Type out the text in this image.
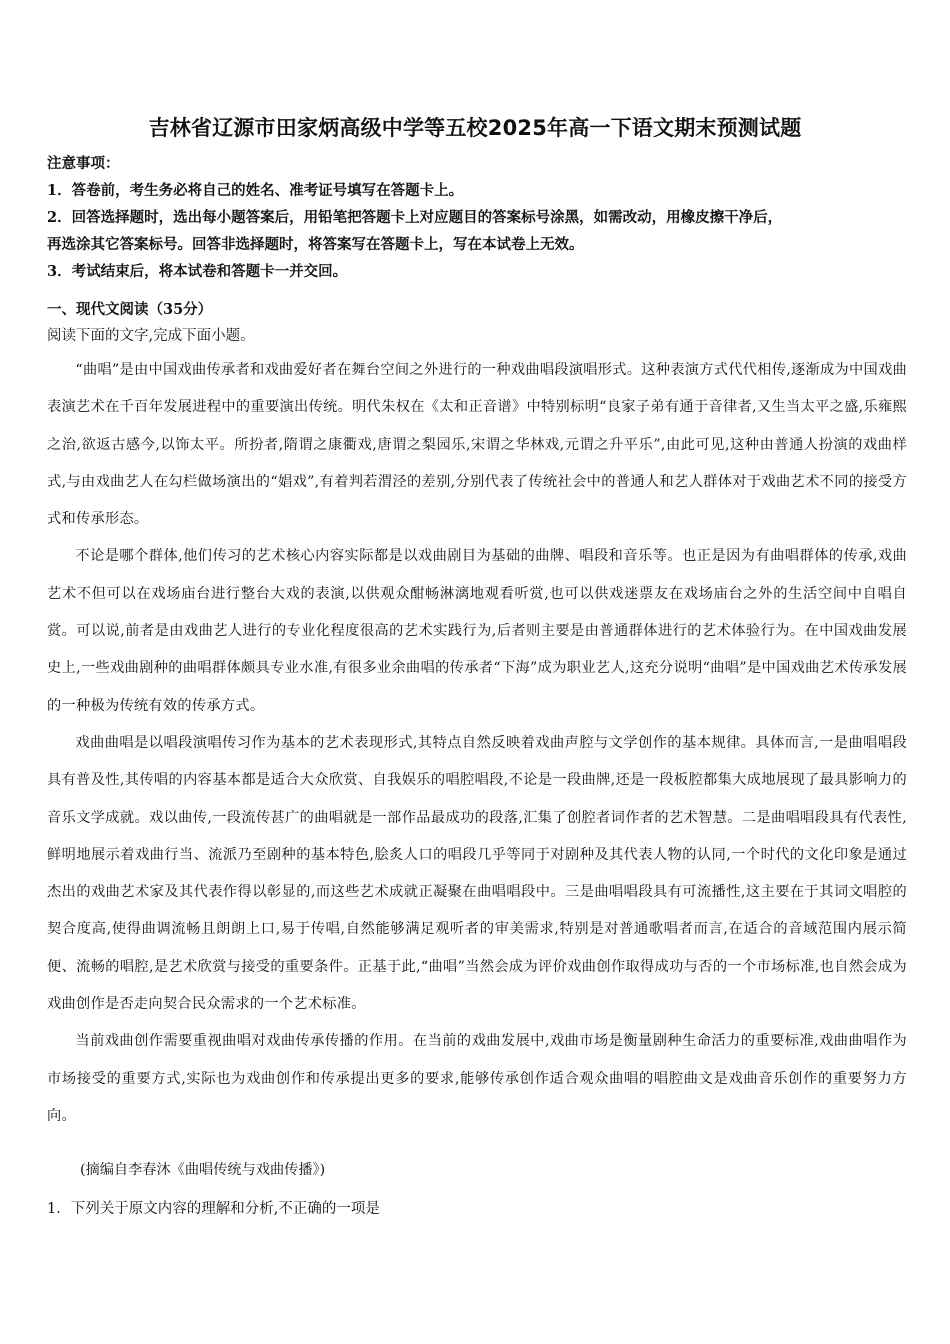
吉林省辽源市田家炳高级中学等五校2025年高一下语文期末预测试题
注意事项：
1．答卷前，考生务必将自己的姓名、准考证号填写在答题卡上。
2．回答选择题时，选出每小题答案后，用铅笔把答题卡上对应题目的答案标号涂黑，如需改动，用橡皮擦干净后，
再选涂其它答案标号。回答非选择题时，将答案写在答题卡上，写在本试卷上无效。
3．考试结束后，将本试卷和答题卡一并交回。
一、现代文阅读（35分）
阅读下面的文字,完成下面小题。

“曲唱”是由中国戏曲传承者和戏曲爱好者在舞台空间之外进行的一种戏曲唱段演唱形式。这种表演方式代代相传,逐渐成为中国戏曲表演艺术在千百年发展进程中的重要演出传统。明代朱权在《太和正音谱》中特别标明“良家子弟有通于音律者,又生当太平之盛,乐雍熙之治,欲返古感今,以饰太平。所扮者,隋谓之康衢戏,唐谓之梨园乐,宋谓之华林戏,元谓之升平乐”,由此可见,这种由普通人扮演的戏曲样式,与由戏曲艺人在勾栏做场演出的“娼戏”,有着判若渭泾的差别,分别代表了传统社会中的普通人和艺人群体对于戏曲艺术不同的接受方式和传承形态。

不论是哪个群体,他们传习的艺术核心内容实际都是以戏曲剧目为基础的曲牌、唱段和音乐等。也正是因为有曲唱群体的传承,戏曲艺术不但可以在戏场庙台进行整台大戏的表演,以供观众酣畅淋漓地观看听赏,也可以供戏迷票友在戏场庙台之外的生活空间中自唱自赏。可以说,前者是由戏曲艺人进行的专业化程度很高的艺术实践行为,后者则主要是由普通群体进行的艺术体验行为。在中国戏曲发展史上,一些戏曲剧种的曲唱群体颇具专业水准,有很多业余曲唱的传承者“下海”成为职业艺人,这充分说明“曲唱”是中国戏曲艺术传承发展的一种极为传统有效的传承方式。

戏曲曲唱是以唱段演唱传习作为基本的艺术表现形式,其特点自然反映着戏曲声腔与文学创作的基本规律。具体而言,一是曲唱唱段具有普及性,其传唱的内容基本都是适合大众欣赏、自我娱乐的唱腔唱段,不论是一段曲牌,还是一段板腔都集大成地展现了最具影响力的音乐文学成就。戏以曲传,一段流传甚广的曲唱就是一部作品最成功的段落,汇集了创腔者词作者的艺术智慧。二是曲唱唱段具有代表性,鲜明地展示着戏曲行当、流派乃至剧种的基本特色,脍炙人口的唱段几乎等同于对剧种及其代表人物的认同,一个时代的文化印象是通过杰出的戏曲艺术家及其代表作得以彰显的,而这些艺术成就正凝聚在曲唱唱段中。三是曲唱唱段具有可流播性,这主要在于其词文唱腔的契合度高,使得曲调流畅且朗朗上口,易于传唱,自然能够满足观听者的审美需求,特别是对普通歌唱者而言,在适合的音域范围内展示简便、流畅的唱腔,是艺术欣赏与接受的重要条件。正基于此,“曲唱”当然会成为评价戏曲创作取得成功与否的一个市场标准,也自然会成为戏曲创作是否走向契合民众需求的一个艺术标准。

当前戏曲创作需要重视曲唱对戏曲传承传播的作用。在当前的戏曲发展中,戏曲市场是衡量剧种生命活力的重要标准,戏曲曲唱作为市场接受的重要方式,实际也为戏曲创作和传承提出更多的要求,能够传承创作适合观众曲唱的唱腔曲文是戏曲音乐创作的重要努力方向。

(摘编自李春沐《曲唱传统与戏曲传播》)
1．下列关于原文内容的理解和分析,不正确的一项是
